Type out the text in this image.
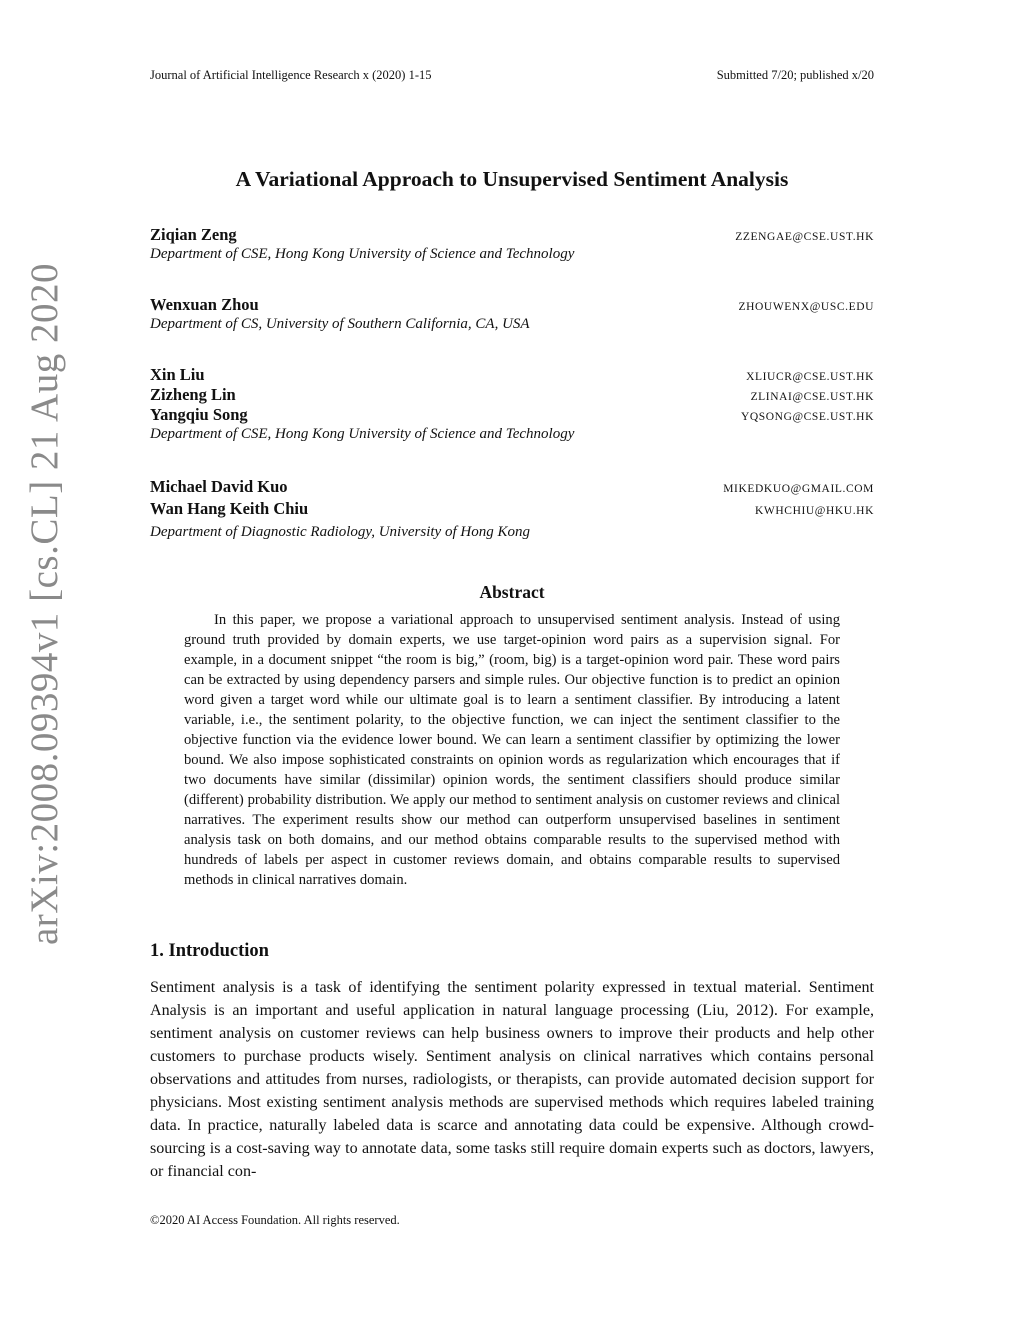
arXiv:2008.09394v1 [cs.CL] 21 Aug 2020
Journal of Artificial Intelligence Research x (2020) 1-15	Submitted 7/20; published x/20
A Variational Approach to Unsupervised Sentiment Analysis
Ziqian Zeng	ZZENGAE@CSE.UST.HK
Department of CSE, Hong Kong University of Science and Technology
Wenxuan Zhou	ZHOUWENX@USC.EDU
Department of CS, University of Southern California, CA, USA
Xin Liu	XLIUCR@CSE.UST.HK
Zizheng Lin	ZLINAI@CSE.UST.HK
Yangqiu Song	YQSONG@CSE.UST.HK
Department of CSE, Hong Kong University of Science and Technology
Michael David Kuo	MIKEDKUO@GMAIL.COM
Wan Hang Keith Chiu	KWHCHIU@HKU.HK
Department of Diagnostic Radiology, University of Hong Kong
Abstract
In this paper, we propose a variational approach to unsupervised sentiment analysis. Instead of using ground truth provided by domain experts, we use target-opinion word pairs as a supervision signal. For example, in a document snippet “the room is big,” (room, big) is a target-opinion word pair. These word pairs can be extracted by using dependency parsers and simple rules. Our objective function is to predict an opinion word given a target word while our ultimate goal is to learn a sentiment classifier. By introducing a latent variable, i.e., the sentiment polarity, to the objective function, we can inject the sentiment classifier to the objective function via the evidence lower bound. We can learn a sentiment classifier by optimizing the lower bound. We also impose sophisticated constraints on opinion words as regularization which encourages that if two documents have similar (dissimilar) opinion words, the sentiment classifiers should produce similar (different) probability distribution. We apply our method to sentiment analysis on customer reviews and clinical narratives. The experiment results show our method can outperform unsupervised baselines in sentiment analysis task on both domains, and our method obtains comparable results to the supervised method with hundreds of labels per aspect in customer reviews domain, and obtains comparable results to supervised methods in clinical narratives domain.
1. Introduction
Sentiment analysis is a task of identifying the sentiment polarity expressed in textual material. Sentiment Analysis is an important and useful application in natural language processing (Liu, 2012). For example, sentiment analysis on customer reviews can help business owners to improve their products and help other customers to purchase products wisely. Sentiment analysis on clinical narratives which contains personal observations and attitudes from nurses, radiologists, or therapists, can provide automated decision support for physicians. Most existing sentiment analysis methods are supervised methods which requires labeled training data. In practice, naturally labeled data is scarce and annotating data could be expensive. Although crowd-sourcing is a cost-saving way to annotate data, some tasks still require domain experts such as doctors, lawyers, or financial con-
©2020 AI Access Foundation. All rights reserved.
